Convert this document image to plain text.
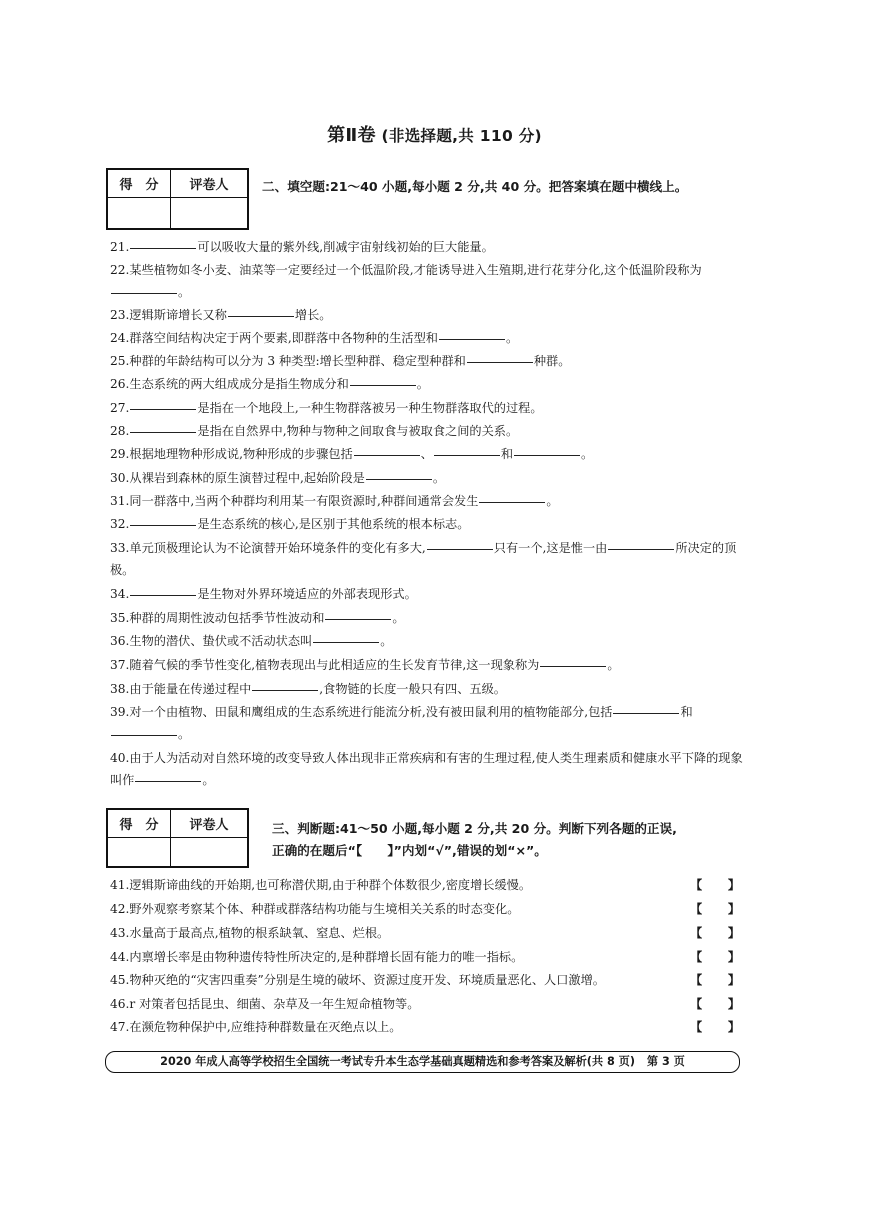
第Ⅱ卷 (非选择题,共 110 分)
得　分	评卷人
		二、填空题:21～40 小题,每小题 2 分,共 40 分。把答案填在题中横线上。
21.	可以吸收大量的紫外线,削减宇宙射线初始的巨大能量。
22.某些植物如冬小麦、油菜等一定要经过一个低温阶段,才能诱导进入生殖期,进行花芽分化,这个低温阶段称为。
23.逻辑斯谛增长又称	增长。
24.群落空间结构决定于两个要素,即群落中各物种的生活型和	。
25.种群的年龄结构可以分为 3 种类型:增长型种群、稳定型种群和	种群。
26.生态系统的两大组成成分是指生物成分和	。
27.	是指在一个地段上,一种生物群落被另一种生物群落取代的过程。
28.	是指在自然界中,物种与物种之间取食与被取食之间的关系。
29.根据地理物种形成说,物种形成的步骤包括	、	和	。
30.从裸岩到森林的原生演替过程中,起始阶段是	。
31.同一群落中,当两个种群均利用某一有限资源时,种群间通常会发生	。
32.	是生态系统的核心,是区别于其他系统的根本标志。
33.单元顶极理论认为不论演替开始环境条件的变化有多大,	只有一个,这是惟一由	所决定的顶极。
34.	是生物对外界环境适应的外部表现形式。
35.种群的周期性波动包括季节性波动和	。
36.生物的潜伏、蛰伏或不活动状态叫	。
37.随着气候的季节性变化,植物表现出与此相适应的生长发育节律,这一现象称为	。
38.由于能量在传递过程中	,食物链的长度一般只有四、五级。
39.对一个由植物、田鼠和鹰组成的生态系统进行能流分析,没有被田鼠利用的植物能部分,包括	和。
40.由于人为活动对自然环境的改变导致人体出现非正常疾病和有害的生理过程,使人类生理素质和健康水平下降的现象叫作	。
得　分	评卷人
		三、判断题:41～50 小题,每小题 2 分,共 20 分。判断下列各题的正误,
正确的在题后“【　　】”内划“√”,错误的划“×”。
41.逻辑斯谛曲线的开始期,也可称潜伏期,由于种群个体数很少,密度增长缓慢。	【 】
42.野外观察考察某个体、种群或群落结构功能与生境相关关系的时态变化。	【 】
43.水量高于最高点,植物的根系缺氧、窒息、烂根。	【 】
44.内禀增长率是由物种遗传特性所决定的,是种群增长固有能力的唯一指标。	【 】
45.物种灭绝的“灾害四重奏”分别是生境的破坏、资源过度开发、环境质量恶化、人口激增。	【 】
46.r 对策者包括昆虫、细菌、杂草及一年生短命植物等。	【 】
47.在濒危物种保护中,应维持种群数量在灭绝点以上。	【 】
2020 年成人高等学校招生全国统一考试专升本生态学基础真题精选和参考答案及解析(共 8 页) 第 3 页
